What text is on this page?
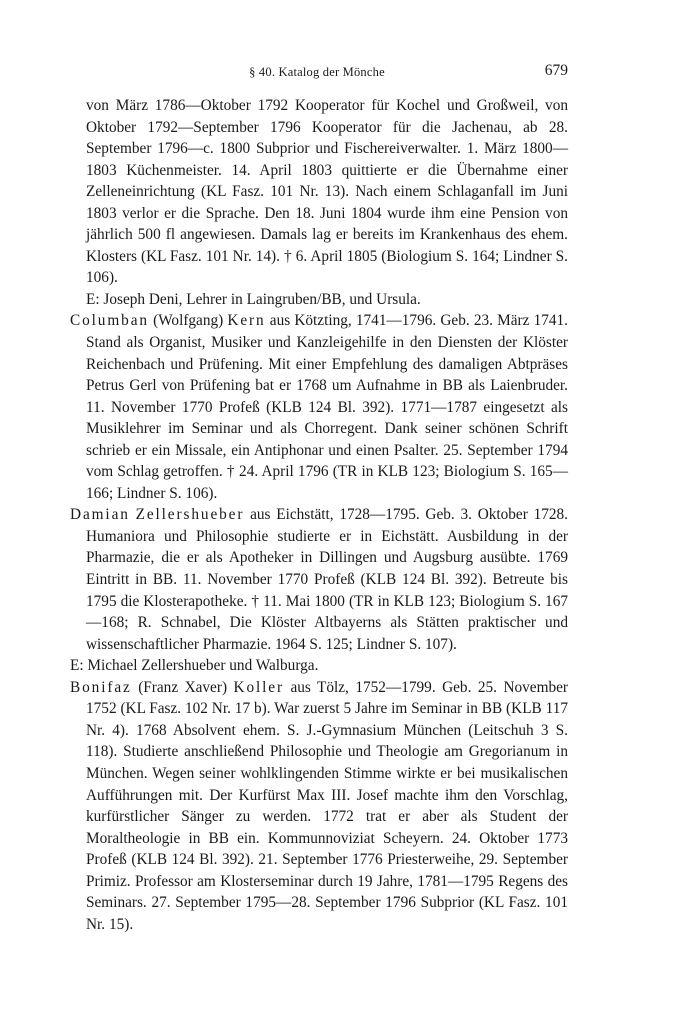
§ 40. Katalog der Mönche	679

von März 1786—Oktober 1792 Kooperator für Kochel und Großweil, von Oktober 1792—September 1796 Kooperator für die Jachenau, ab 28. September 1796—c. 1800 Subprior und Fischereiverwalter. 1. März 1800—1803 Küchenmeister. 14. April 1803 quittierte er die Übernahme einer Zelleneinrichtung (KL Fasz. 101 Nr. 13). Nach einem Schlaganfall im Juni 1803 verlor er die Sprache. Den 18. Juni 1804 wurde ihm eine Pension von jährlich 500 fl angewiesen. Damals lag er bereits im Krankenhaus des ehem. Klosters (KL Fasz. 101 Nr. 14). † 6. April 1805 (Biologium S. 164; Lindner S. 106).
E: Joseph Deni, Lehrer in Laingruben/BB, und Ursula.

Columban (Wolfgang) Kern aus Kötzting, 1741—1796. Geb. 23. März 1741. Stand als Organist, Musiker und Kanzleigehilfe in den Diensten der Klöster Reichenbach und Prüfening. Mit einer Empfehlung des damaligen Abtpräses Petrus Gerl von Prüfening bat er 1768 um Aufnahme in BB als Laienbruder. 11. November 1770 Profeß (KLB 124 Bl. 392). 1771—1787 eingesetzt als Musiklehrer im Seminar und als Chorregent. Dank seiner schönen Schrift schrieb er ein Missale, ein Antiphonar und einen Psalter. 25. September 1794 vom Schlag getroffen. † 24. April 1796 (TR in KLB 123; Biologium S. 165—166; Lindner S. 106).

Damian Zellershueber aus Eichstätt, 1728—1795. Geb. 3. Oktober 1728. Humaniora und Philosophie studierte er in Eichstätt. Ausbildung in der Pharmazie, die er als Apotheker in Dillingen und Augsburg ausübte. 1769 Eintritt in BB. 11. November 1770 Profeß (KLB 124 Bl. 392). Betreute bis 1795 die Klosterapotheke. † 11. Mai 1800 (TR in KLB 123; Biologium S. 167—168; R. Schnabel, Die Klöster Altbayerns als Stätten praktischer und wissenschaftlicher Pharmazie. 1964 S. 125; Lindner S. 107).
E: Michael Zellershueber und Walburga.

Bonifaz (Franz Xaver) Koller aus Tölz, 1752—1799. Geb. 25. November 1752 (KL Fasz. 102 Nr. 17 b). War zuerst 5 Jahre im Seminar in BB (KLB 117 Nr. 4). 1768 Absolvent ehem. S. J.-Gymnasium München (Leitschuh 3 S. 118). Studierte anschließend Philosophie und Theologie am Gregorianum in München. Wegen seiner wohlklingenden Stimme wirkte er bei musikalischen Aufführungen mit. Der Kurfürst Max III. Josef machte ihm den Vorschlag, kurfürstlicher Sänger zu werden. 1772 trat er aber als Student der Moraltheologie in BB ein. Kommunnoviziat Scheyern. 24. Oktober 1773 Profeß (KLB 124 Bl. 392). 21. September 1776 Priesterweihe, 29. September Primiz. Professor am Klosterseminar durch 19 Jahre, 1781—1795 Regens des Seminars. 27. September 1795—28. September 1796 Subprior (KL Fasz. 101 Nr. 15).
